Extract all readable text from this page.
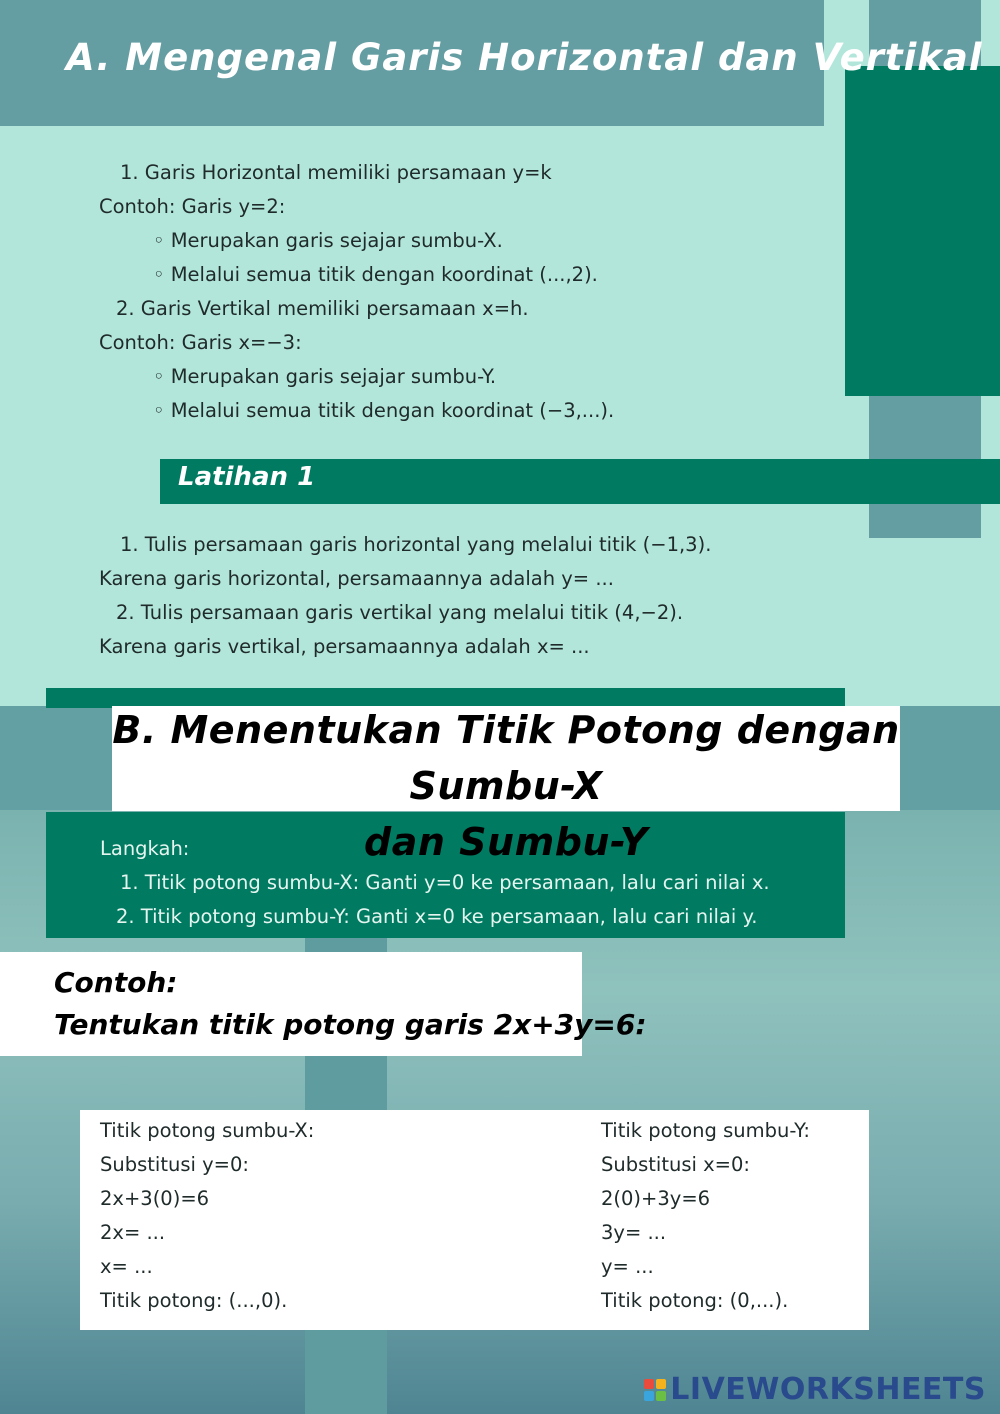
A. Mengenal Garis Horizontal dan Vertikal
1. Garis Horizontal memiliki persamaan y=k
Contoh: Garis y=2:
◦ Merupakan garis sejajar sumbu-X.
◦ Melalui semua titik dengan koordinat (...,2).
2. Garis Vertikal memiliki persamaan x=h.
Contoh: Garis x=−3:
◦ Merupakan garis sejajar sumbu-Y.
◦ Melalui semua titik dengan koordinat (−3,...).
Latihan 1
1. Tulis persamaan garis horizontal yang melalui titik (−1,3).
Karena garis horizontal, persamaannya adalah y= ...
2. Tulis persamaan garis vertikal yang melalui titik (4,−2).
Karena garis vertikal, persamaannya adalah x= ...
B. Menentukan Titik Potong dengan Sumbu-X
dan Sumbu-Y
Langkah:
1. Titik potong sumbu-X: Ganti y=0 ke persamaan, lalu cari nilai x.
2. Titik potong sumbu-Y: Ganti x=0 ke persamaan, lalu cari nilai y.
Contoh:
Tentukan titik potong garis 2x+3y=6:
Titik potong sumbu-X:
Substitusi y=0:
2x+3(0)=6
2x= ...
x= ...
Titik potong: (...,0).
Titik potong sumbu-Y:
Substitusi x=0:
2(0)+3y=6
3y= ...
y= ...
Titik potong: (0,...).
LIVEWORKSHEETS
